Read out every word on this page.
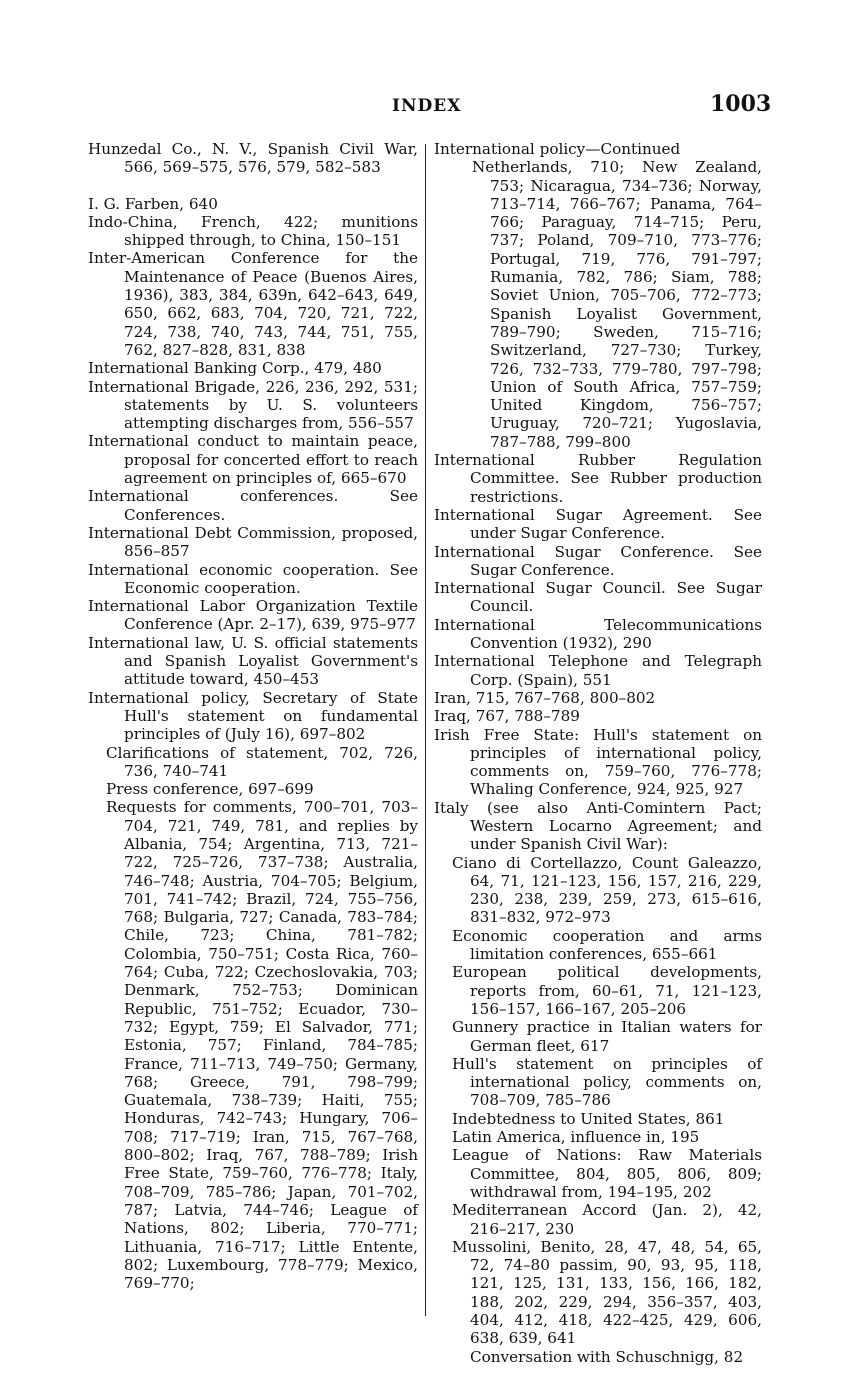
INDEX	1003
Hunzedal Co., N. V., Spanish Civil War, 566, 569–575, 576, 579, 582–583
I. G. Farben, 640
Indo-China, French, 422; munitions shipped through, to China, 150–151
Inter-American Conference for the Maintenance of Peace (Buenos Aires, 1936), 383, 384, 639n, 642–643, 649, 650, 662, 683, 704, 720, 721, 722, 724, 738, 740, 743, 744, 751, 755, 762, 827–828, 831, 838
International Banking Corp., 479, 480
International Brigade, 226, 236, 292, 531; statements by U. S. volunteers attempting discharges from, 556–557
International conduct to maintain peace, proposal for concerted effort to reach agreement on principles of, 665–670
International conferences. See Conferences.
International Debt Commission, proposed, 856–857
International economic cooperation. See Economic cooperation.
International Labor Organization Textile Conference (Apr. 2–17), 639, 975–977
International law, U. S. official statements and Spanish Loyalist Government's attitude toward, 450–453
International policy, Secretary of State Hull's statement on fundamental principles of (July 16), 697–802
Clarifications of statement, 702, 726, 736, 740–741
Press conference, 697–699
Requests for comments, 700–701, 703–704, 721, 749, 781, and replies by Albania, 754; Argentina, 713, 721–722, 725–726, 737–738; Australia, 746–748; Austria, 704–705; Belgium, 701, 741–742; Brazil, 724, 755–756, 768; Bulgaria, 727; Canada, 783–784; Chile, 723; China, 781–782; Colombia, 750–751; Costa Rica, 760–764; Cuba, 722; Czechoslovakia, 703; Denmark, 752–753; Dominican Republic, 751–752; Ecuador, 730–732; Egypt, 759; El Salvador, 771; Estonia, 757; Finland, 784–785; France, 711–713, 749–750; Germany, 768; Greece, 791, 798–799; Guatemala, 738–739; Haiti, 755; Honduras, 742–743; Hungary, 706–708; 717–719; Iran, 715, 767–768, 800–802; Iraq, 767, 788–789; Irish Free State, 759–760, 776–778; Italy, 708–709, 785–786; Japan, 701–702, 787; Latvia, 744–746; League of Nations, 802; Liberia, 770–771; Lithuania, 716–717; Little Entente, 802; Luxembourg, 778–779; Mexico, 769–770;
International policy—Continued
Netherlands, 710; New Zealand, 753; Nicaragua, 734–736; Norway, 713–714, 766–767; Panama, 764–766; Paraguay, 714–715; Peru, 737; Poland, 709–710, 773–776; Portugal, 719, 776, 791–797; Rumania, 782, 786; Siam, 788; Soviet Union, 705–706, 772–773; Spanish Loyalist Government, 789–790; Sweden, 715–716; Switzerland, 727–730; Turkey, 726, 732–733, 779–780, 797–798; Union of South Africa, 757–759; United Kingdom, 756–757; Uruguay, 720–721; Yugoslavia, 787–788, 799–800
International Rubber Regulation Committee. See Rubber production restrictions.
International Sugar Agreement. See under Sugar Conference.
International Sugar Conference. See Sugar Conference.
International Sugar Council. See Sugar Council.
International Telecommunications Convention (1932), 290
International Telephone and Telegraph Corp. (Spain), 551
Iran, 715, 767–768, 800–802
Iraq, 767, 788–789
Irish Free State: Hull's statement on principles of international policy, comments on, 759–760, 776–778; Whaling Conference, 924, 925, 927
Italy (see also Anti-Comintern Pact; Western Locarno Agreement; and under Spanish Civil War):
Ciano di Cortellazzo, Count Galeazzo, 64, 71, 121–123, 156, 157, 216, 229, 230, 238, 239, 259, 273, 615–616, 831–832, 972–973
Economic cooperation and arms limitation conferences, 655–661
European political developments, reports from, 60–61, 71, 121–123, 156–157, 166–167, 205–206
Gunnery practice in Italian waters for German fleet, 617
Hull's statement on principles of international policy, comments on, 708–709, 785–786
Indebtedness to United States, 861
Latin America, influence in, 195
League of Nations: Raw Materials Committee, 804, 805, 806, 809; withdrawal from, 194–195, 202
Mediterranean Accord (Jan. 2), 42, 216–217, 230
Mussolini, Benito, 28, 47, 48, 54, 65, 72, 74–80 passim, 90, 93, 95, 118, 121, 125, 131, 133, 156, 166, 182, 188, 202, 229, 294, 356–357, 403, 404, 412, 418, 422–425, 429, 606, 638, 639, 641
Conversation with Schuschnigg, 82
